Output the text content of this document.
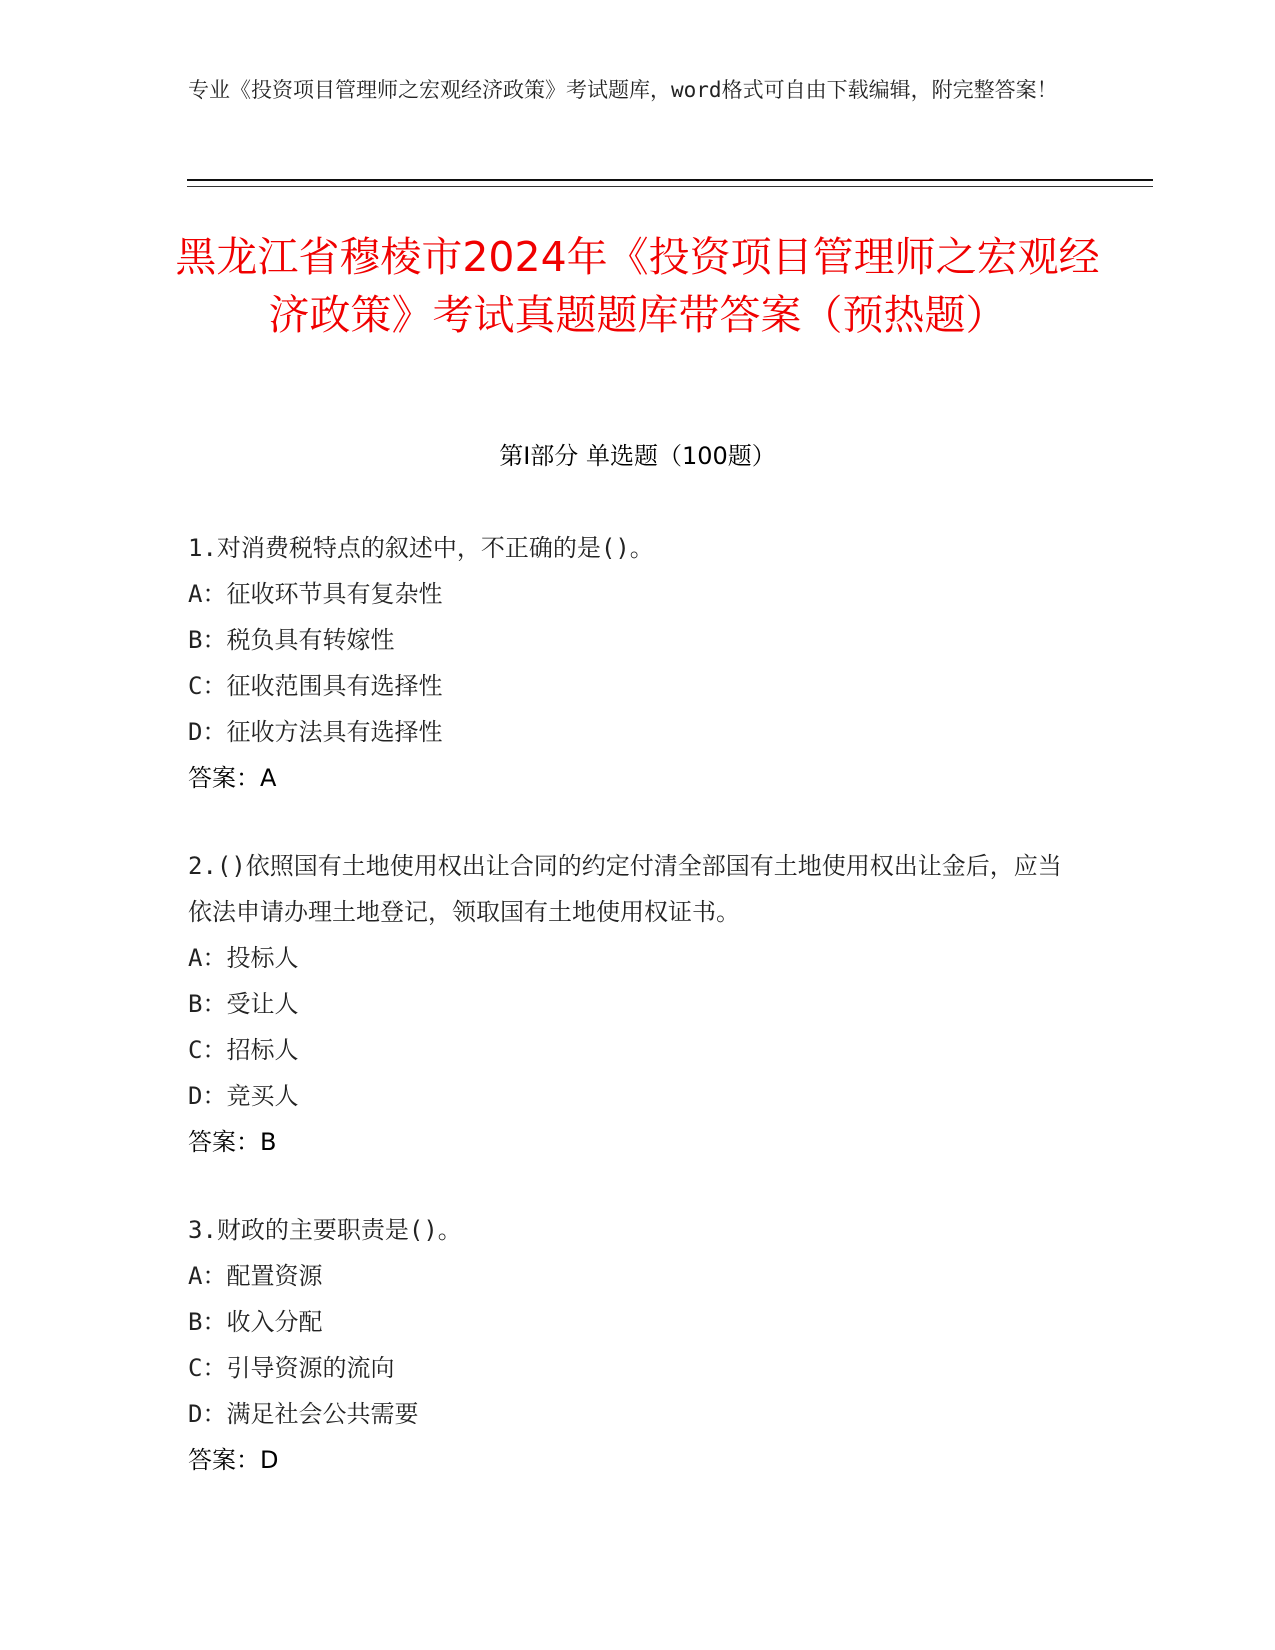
专业《投资项目管理师之宏观经济政策》考试题库，word格式可自由下载编辑，附完整答案！
黑龙江省穆棱市2024年《投资项目管理师之宏观经济政策》考试真题题库带答案（预热题）
第I部分 单选题（100题）

1.对消费税特点的叙述中，不正确的是()。

A：征收环节具有复杂性

B：税负具有转嫁性

C：征收范围具有选择性

D：征收方法具有选择性

答案：A

2.()依照国有土地使用权出让合同的约定付清全部国有土地使用权出让金后，应当依法申请办理土地登记，领取国有土地使用权证书。

A：投标人

B：受让人

C：招标人

D：竞买人

答案：B

3.财政的主要职责是()。

A：配置资源

B：收入分配

C：引导资源的流向

D：满足社会公共需要

答案：D
